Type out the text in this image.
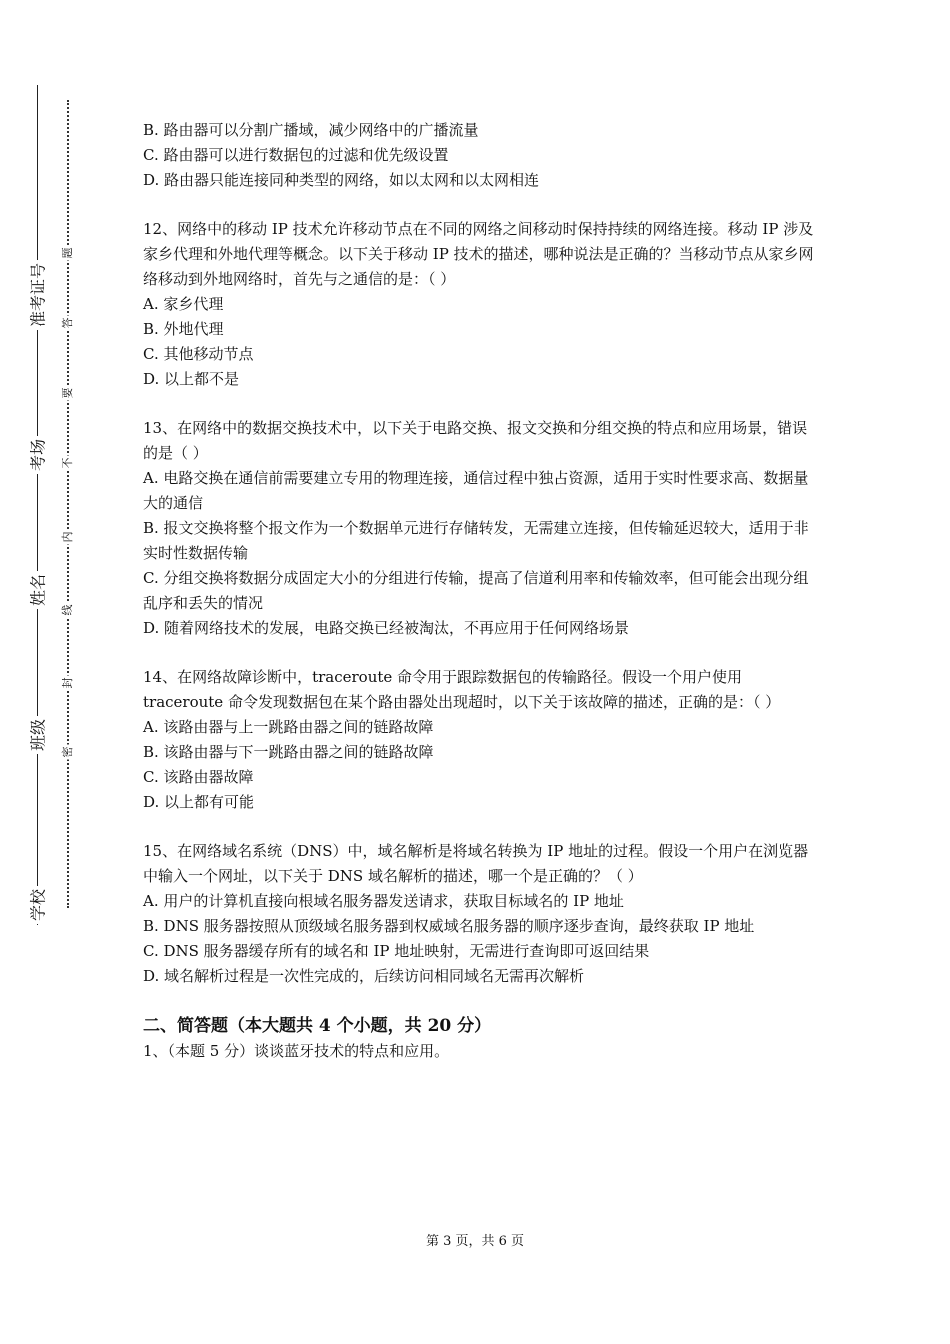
准考证号
考场
姓名
班级
学校
题
答
要
不
内
线
封
密

B. 路由器可以分割广播域，减少网络中的广播流量

C. 路由器可以进行数据包的过滤和优先级设置

D. 路由器只能连接同种类型的网络，如以太网和以太网相连

12、网络中的移动 IP 技术允许移动节点在不同的网络之间移动时保持持续的网络连接。移动 IP 涉及家乡代理和外地代理等概念。以下关于移动 IP 技术的描述，哪种说法是正确的？当移动节点从家乡网络移动到外地网络时，首先与之通信的是：（ ）

A. 家乡代理

B. 外地代理

C. 其他移动节点

D. 以上都不是

13、在网络中的数据交换技术中，以下关于电路交换、报文交换和分组交换的特点和应用场景，错误的是（ ）

A. 电路交换在通信前需要建立专用的物理连接，通信过程中独占资源，适用于实时性要求高、数据量大的通信

B. 报文交换将整个报文作为一个数据单元进行存储转发，无需建立连接，但传输延迟较大，适用于非实时性数据传输

C. 分组交换将数据分成固定大小的分组进行传输，提高了信道利用率和传输效率，但可能会出现分组乱序和丢失的情况

D. 随着网络技术的发展，电路交换已经被淘汰，不再应用于任何网络场景

14、在网络故障诊断中，traceroute 命令用于跟踪数据包的传输路径。假设一个用户使用 traceroute 命令发现数据包在某个路由器处出现超时，以下关于该故障的描述，正确的是：（ ）

A. 该路由器与上一跳路由器之间的链路故障

B. 该路由器与下一跳路由器之间的链路故障

C. 该路由器故障

D. 以上都有可能

15、在网络域名系统（DNS）中，域名解析是将域名转换为 IP 地址的过程。假设一个用户在浏览器中输入一个网址，以下关于 DNS 域名解析的描述，哪一个是正确的？（ ）

A. 用户的计算机直接向根域名服务器发送请求，获取目标域名的 IP 地址

B. DNS 服务器按照从顶级域名服务器到权威域名服务器的顺序逐步查询，最终获取 IP 地址

C. DNS 服务器缓存所有的域名和 IP 地址映射，无需进行查询即可返回结果

D. 域名解析过程是一次性完成的，后续访问相同域名无需再次解析

二、简答题（本大题共 4 个小题，共 20 分）

1、（本题 5 分）谈谈蓝牙技术的特点和应用。

第 3 页，共 6 页
